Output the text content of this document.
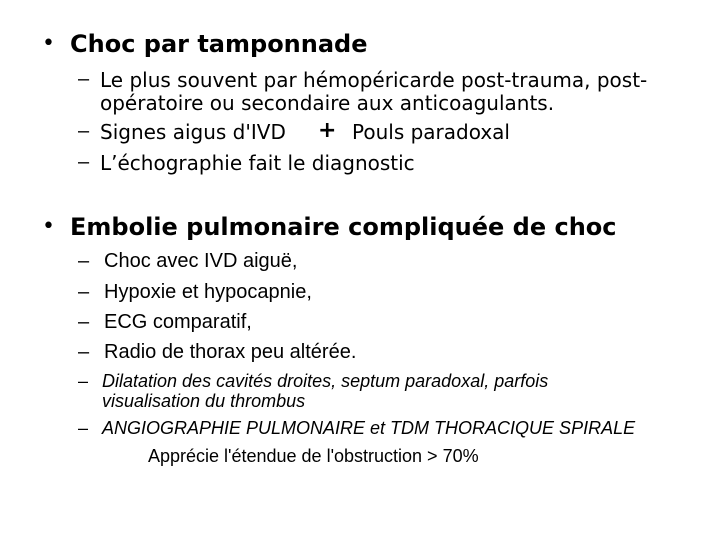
• Choc par tamponnade
– Le plus souvent par hémopéricarde post-trauma, post-
opératoire ou secondaire aux anticoagulants.
– Signes aigus d'IVD + Pouls paradoxal
– L’échographie fait le diagnostic
• Embolie pulmonaire compliquée de choc
– Choc avec IVD aiguë,
– Hypoxie et hypocapnie,
– ECG comparatif,
– Radio de thorax peu altérée.
– Dilatation des cavités droites, septum paradoxal, parfois
visualisation du thrombus
– ANGIOGRAPHIE PULMONAIRE et TDM THORACIQUE SPIRALE
Apprécie l'étendue de l'obstruction > 70%
